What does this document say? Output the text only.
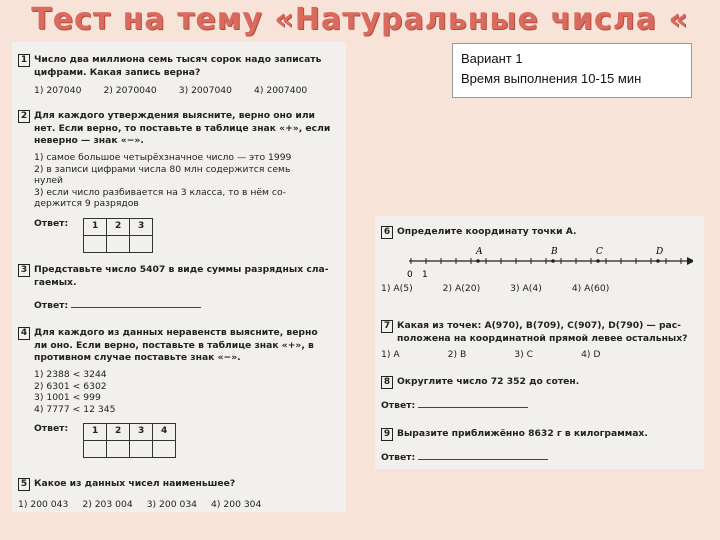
Тест на тему «Натуральные числа «
Вариант 1
Время выполнения 10-15 мин
1 Число два миллиона семь тысяч сорок надо записать
цифрами. Какая запись верна?
1) 207040 2) 2070040 3) 2007040 4) 2007400
2 Для каждого утверждения выясните, верно оно или
нет. Если верно, то поставьте в таблице знак «+», если
неверно — знак «−».
1) самое большое четырёхзначное число — это 1999
2) в записи цифрами числа 80 млн содержится семь
нулей
3) если число разбивается на 3 класса, то в нём со-
держится 9 разрядов
Ответ:	1	2	3

3 Представьте число 5407 в виде суммы разрядных сла-
гаемых.
Ответ:
4 Для каждого из данных неравенств выясните, верно
ли оно. Если верно, поставьте в таблице знак «+», в
противном случае поставьте знак «−».
1) 2388 < 3244
2) 6301 < 6302
3) 1001 < 999
4) 7777 < 12 345
Ответ:	1	2	3	4

5 Какое из данных чисел наименьшее?
1) 200 043 2) 203 004 3) 200 034 4) 200 304
6 Определите координату точки A.
0 1
A	B	C	D
1) A(5)	2) A(20)	3) A(4)	4) A(60)
7 Какая из точек: A(970), B(709), C(907), D(790) — рас-
положена на координатной прямой левее остальных?
1) A	2) B	3) C	4) D
8 Округлите число 72 352 до сотен.
Ответ:
9 Выразите приближённо 8632 г в килограммах.
Ответ:
